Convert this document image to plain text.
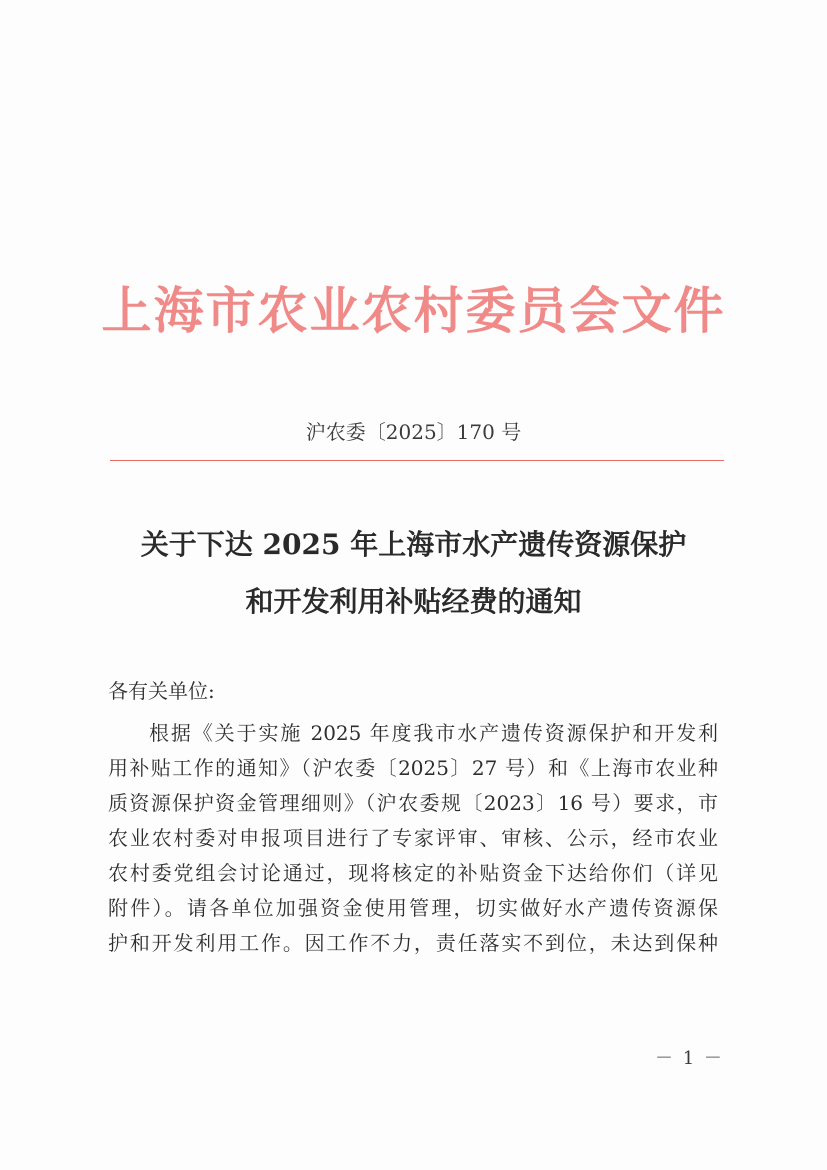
上海市农业农村委员会文件
沪农委〔2025〕170 号
关于下达 2025 年上海市水产遗传资源保护
和开发利用补贴经费的通知
各有关单位:
根据《关于实施 2025 年度我市水产遗传资源保护和开发利
用补贴工作的通知》（沪农委〔2025〕27 号）和《上海市农业种
质资源保护资金管理细则》（沪农委规〔2023〕16 号）要求，市
农业农村委对申报项目进行了专家评审、审核、公示，经市农业
农村委党组会讨论通过，现将核定的补贴资金下达给你们（详见
附件）。请各单位加强资金使用管理，切实做好水产遗传资源保
护和开发利用工作。因工作不力，责任落实不到位，未达到保种
－ 1 －
